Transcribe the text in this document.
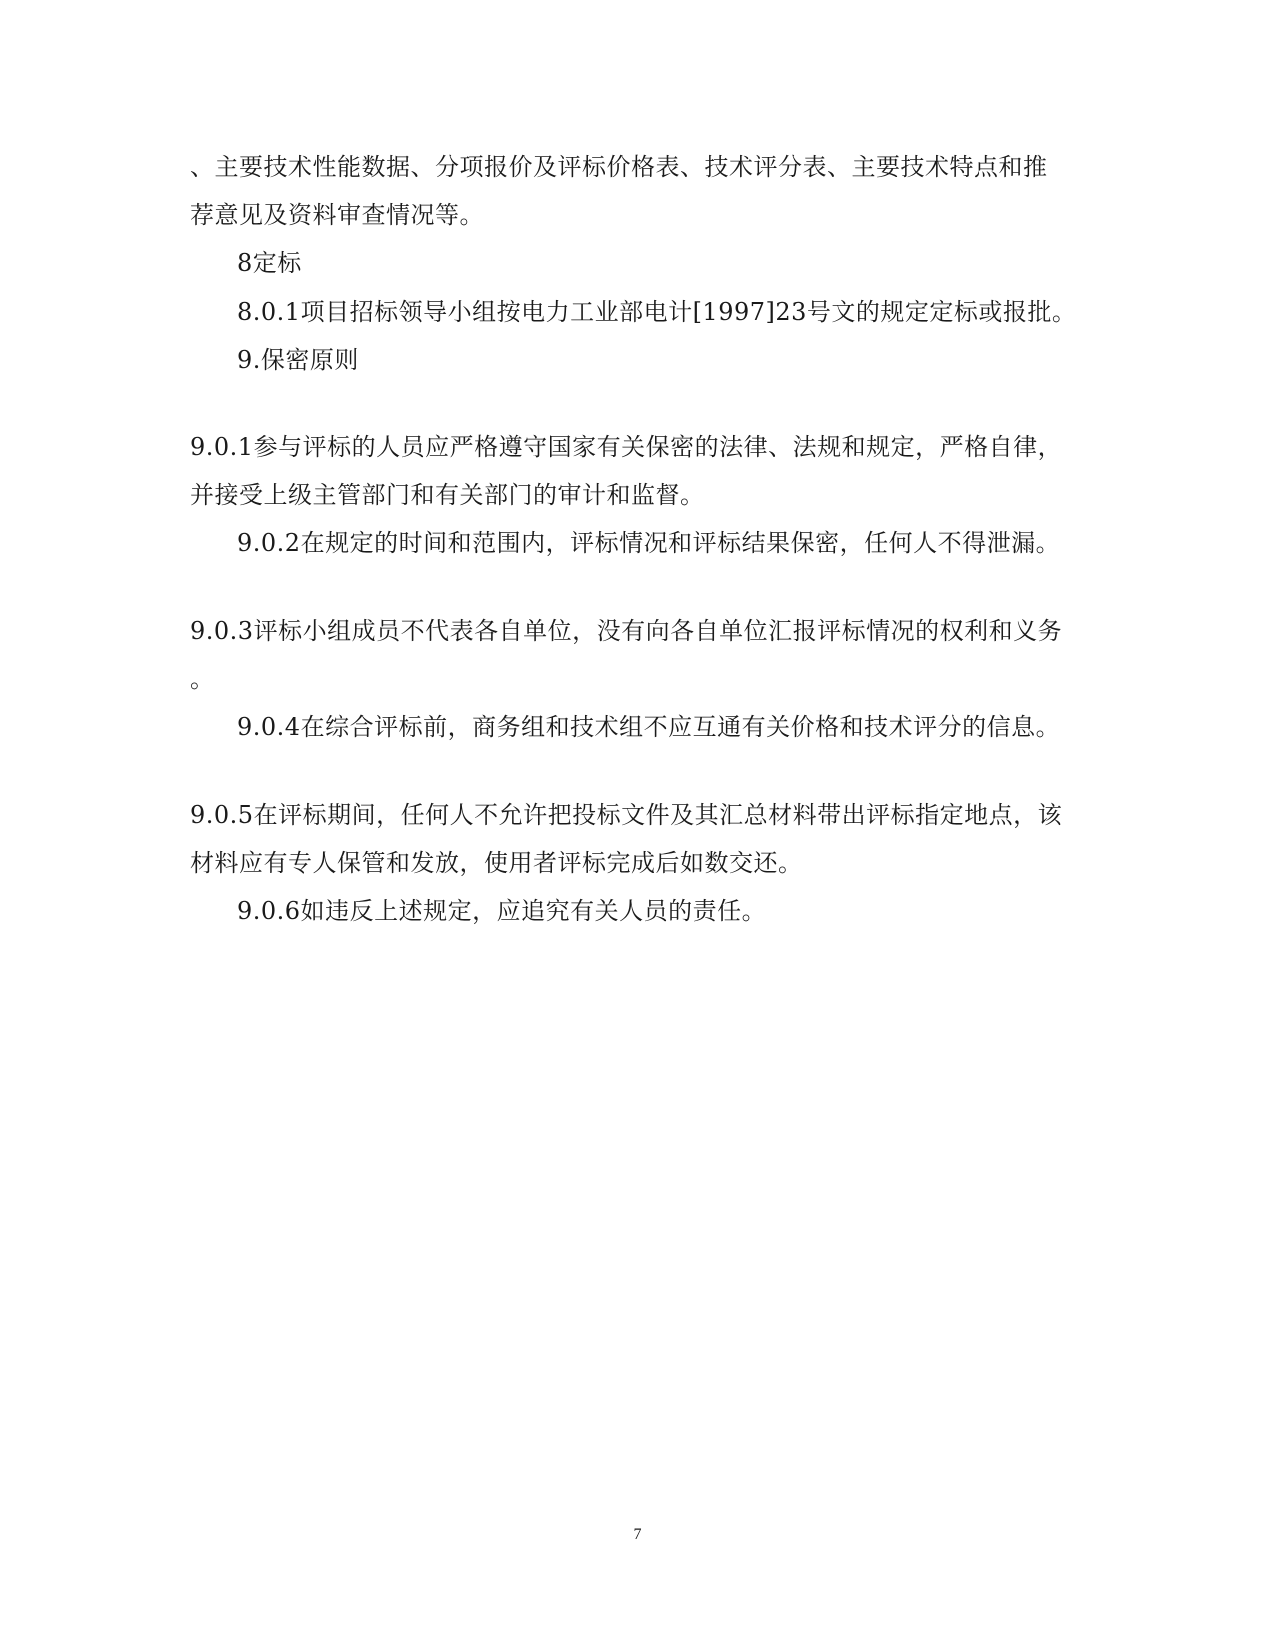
、主要技术性能数据、分项报价及评标价格表、技术评分表、主要技术特点和推
荐意见及资料审查情况等。
8定标
8.0.1项目招标领导小组按电力工业部电计[1997]23号文的规定定标或报批。
9.保密原则
9.0.1参与评标的人员应严格遵守国家有关保密的法律、法规和规定，严格自律，
并接受上级主管部门和有关部门的审计和监督。
9.0.2在规定的时间和范围内，评标情况和评标结果保密，任何人不得泄漏。
9.0.3评标小组成员不代表各自单位，没有向各自单位汇报评标情况的权利和义务
。
9.0.4在综合评标前，商务组和技术组不应互通有关价格和技术评分的信息。
9.0.5在评标期间，任何人不允许把投标文件及其汇总材料带出评标指定地点，该
材料应有专人保管和发放，使用者评标完成后如数交还。
9.0.6如违反上述规定，应追究有关人员的责任。
7
